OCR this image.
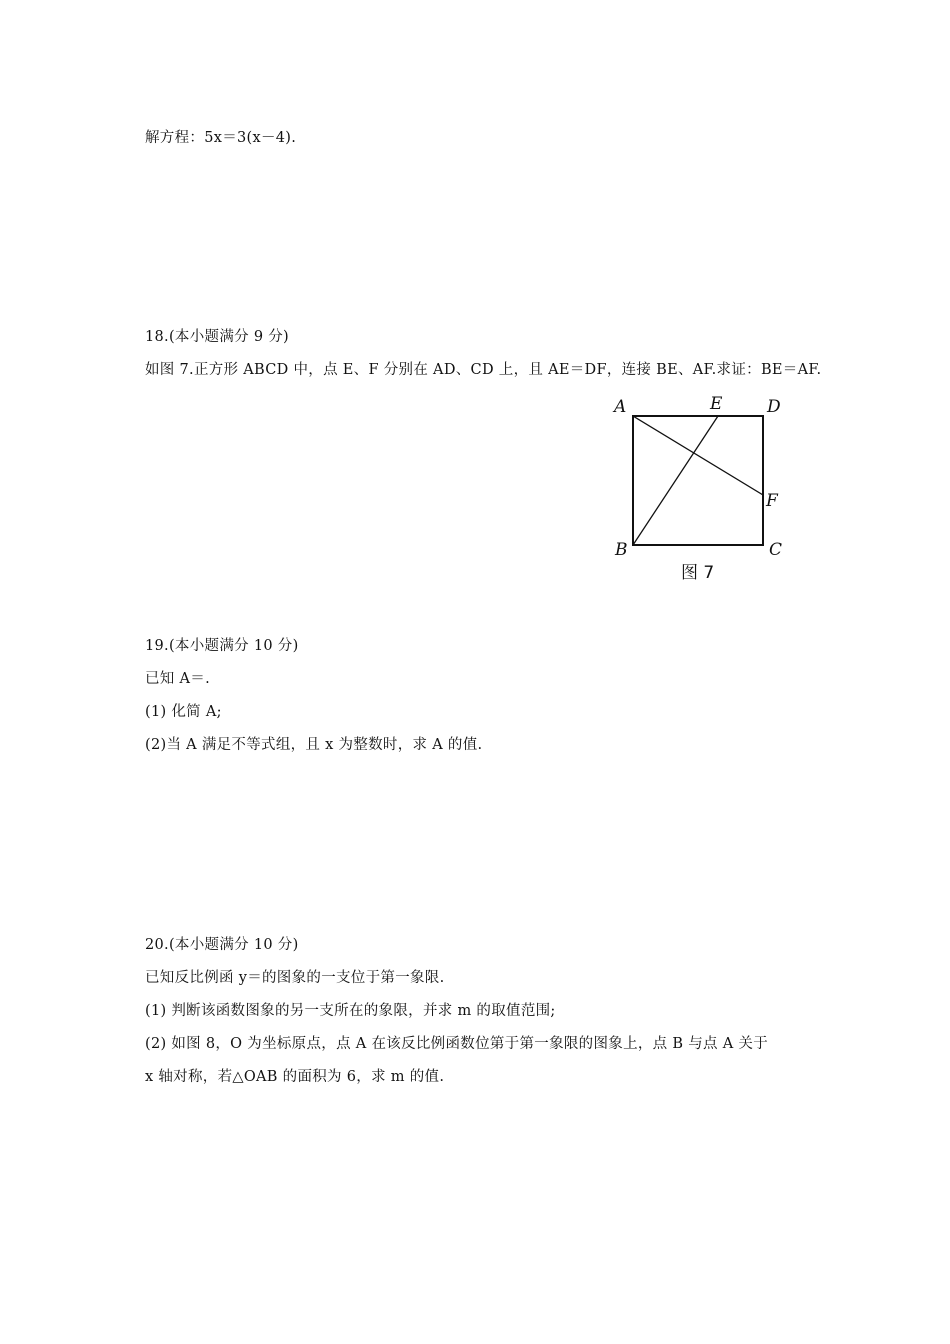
解方程：5x＝3(x－4).
18.(本小题满分 9 分)
如图 7.正方形 ABCD 中，点 E、F 分别在 AD、CD 上，且 AE＝DF，连接 BE、AF.求证：BE＝AF.
A	E	D
F
B	C
图 7
19.(本小题满分 10 分)
已知 A＝.
(1) 化简 A;
(2)当 A 满足不等式组，且 x 为整数时，求 A 的值.
20.(本小题满分 10 分)
已知反比例函 y＝的图象的一支位于第一象限.
(1) 判断该函数图象的另一支所在的象限，并求 m 的取值范围;
(2) 如图 8，O 为坐标原点，点 A 在该反比例函数位第于第一象限的图象上，点 B 与点 A 关于
x 轴对称，若△OAB 的面积为 6，求 m 的值.
